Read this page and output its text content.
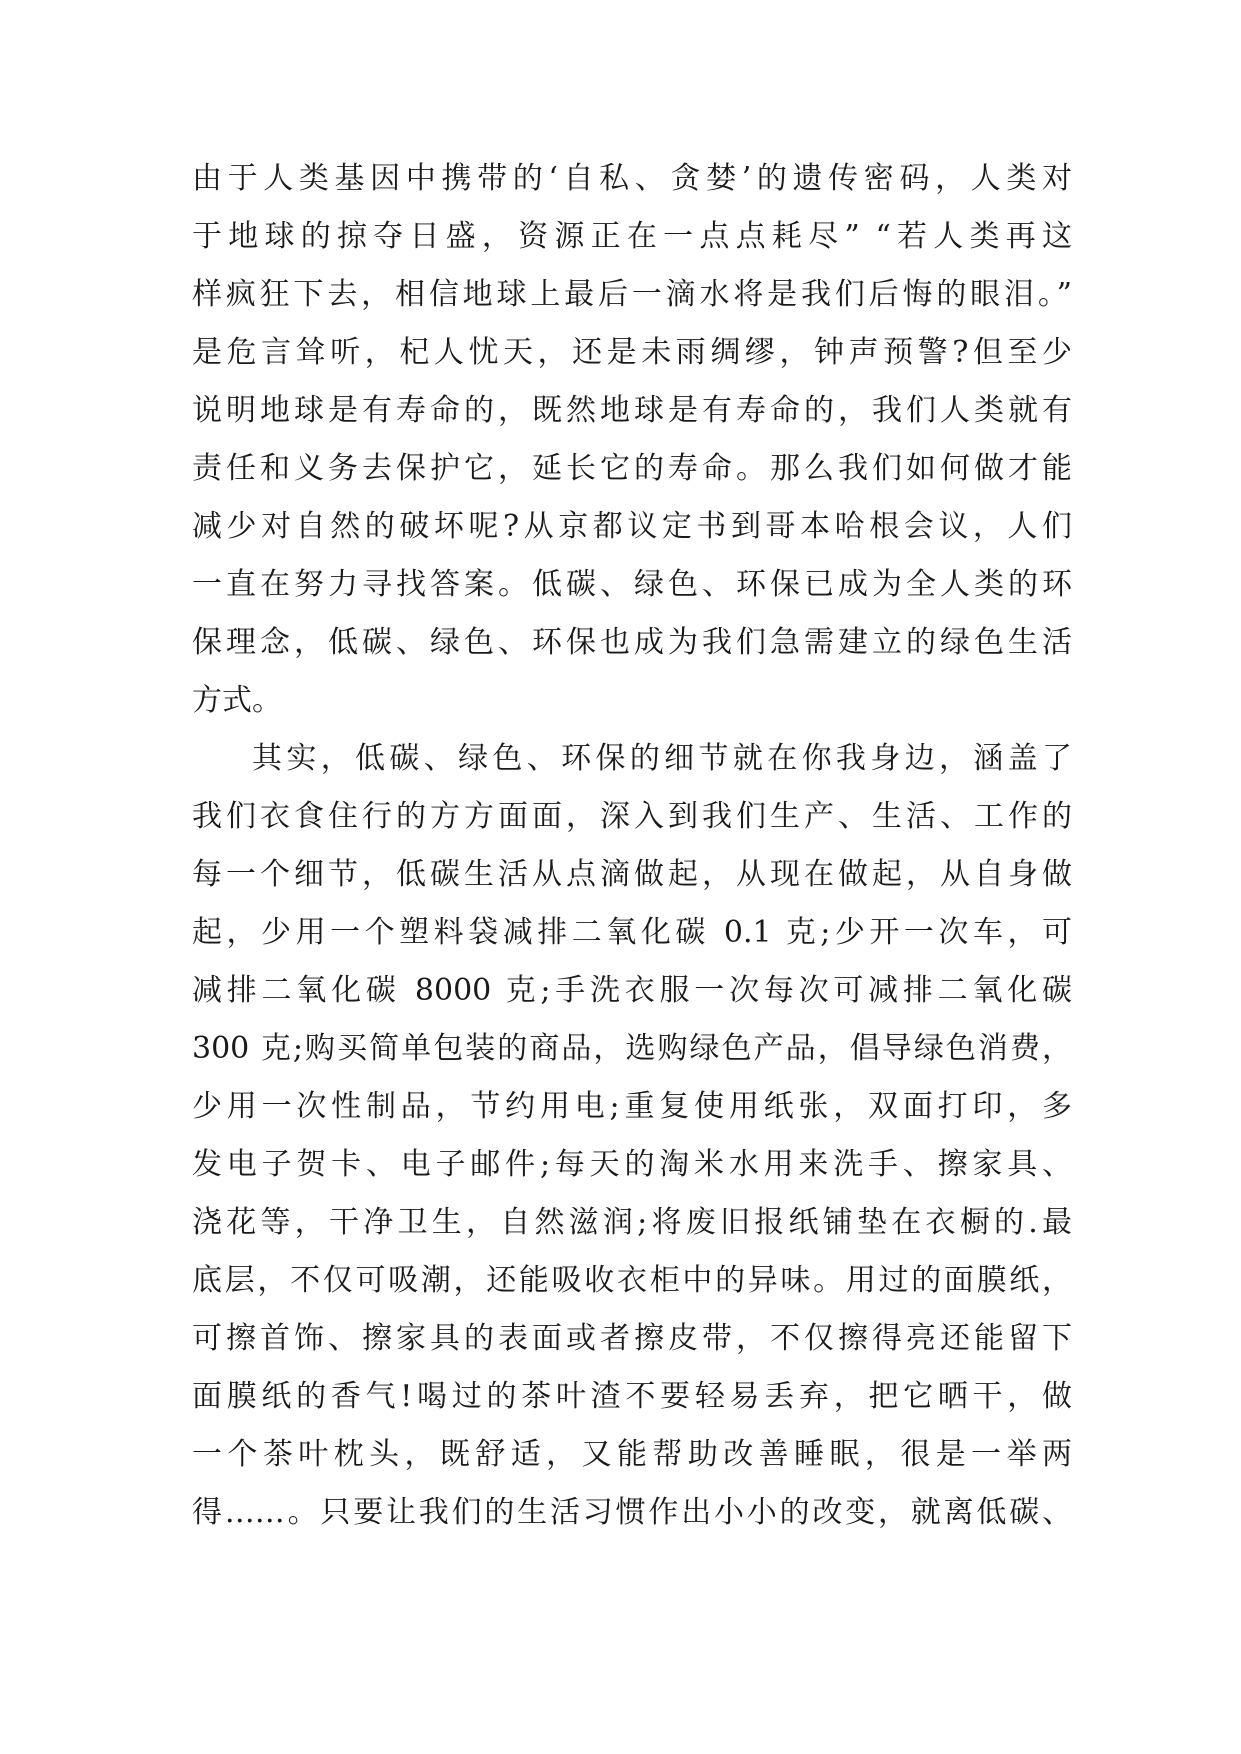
由于人类基因中携带的‘自私、贪婪’的遗传密码，人类对
于地球的掠夺日盛，资源正在一点点耗尽” “若人类再这
样疯狂下去，相信地球上最后一滴水将是我们后悔的眼泪。”
是危言耸听，杞人忧天，还是未雨绸缪，钟声预警?但至少
说明地球是有寿命的，既然地球是有寿命的，我们人类就有
责任和义务去保护它，延长它的寿命。那么我们如何做才能
减少对自然的破坏呢?从京都议定书到哥本哈根会议，人们
一直在努力寻找答案。低碳、绿色、环保已成为全人类的环
保理念，低碳、绿色、环保也成为我们急需建立的绿色生活
方式。
其实，低碳、绿色、环保的细节就在你我身边，涵盖了
我们衣食住行的方方面面，深入到我们生产、生活、工作的
每一个细节，低碳生活从点滴做起，从现在做起，从自身做
起，少用一个塑料袋减排二氧化碳 0.1 克;少开一次车，可
减排二氧化碳 8000 克;手洗衣服一次每次可减排二氧化碳
300 克;购买简单包装的商品，选购绿色产品，倡导绿色消费，
少用一次性制品，节约用电;重复使用纸张，双面打印，多
发电子贺卡、电子邮件;每天的淘米水用来洗手、擦家具、
浇花等，干净卫生，自然滋润;将废旧报纸铺垫在衣橱的.最
底层，不仅可吸潮，还能吸收衣柜中的异味。用过的面膜纸，
可擦首饰、擦家具的表面或者擦皮带，不仅擦得亮还能留下
面膜纸的香气!喝过的茶叶渣不要轻易丢弃，把它晒干，做
一个茶叶枕头，既舒适，又能帮助改善睡眠，很是一举两
得……。只要让我们的生活习惯作出小小的改变，就离低碳、
